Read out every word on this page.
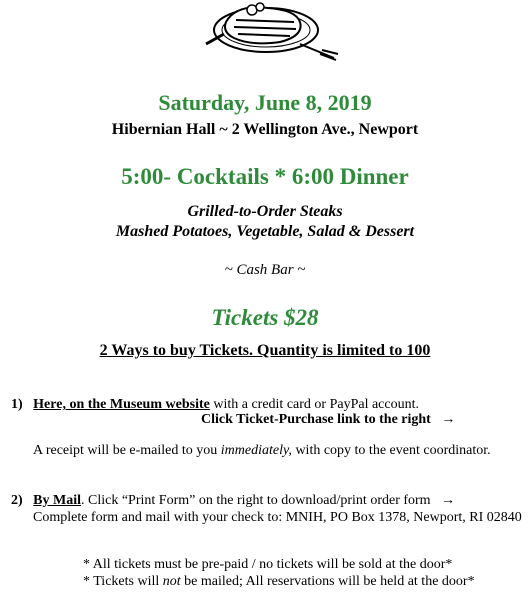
Saturday, June 8, 2019
Hibernian Hall ~ 2 Wellington Ave., Newport
5:00- Cocktails * 6:00 Dinner
Grilled-to-Order Steaks
Mashed Potatoes, Vegetable, Salad & Dessert
~ Cash Bar ~
Tickets $28
2 Ways to buy Tickets. Quantity is limited to 100
1) Here, on the Museum website with a credit card or PayPal account.
Click Ticket-Purchase link to the right →
A receipt will be e-mailed to you immediately, with copy to the event coordinator.
2) By Mail. Click “Print Form” on the right to download/print order form →
Complete form and mail with your check to: MNIH, PO Box 1378, Newport, RI 02840
* All tickets must be pre-paid / no tickets will be sold at the door*
* Tickets will not be mailed; All reservations will be held at the door*
